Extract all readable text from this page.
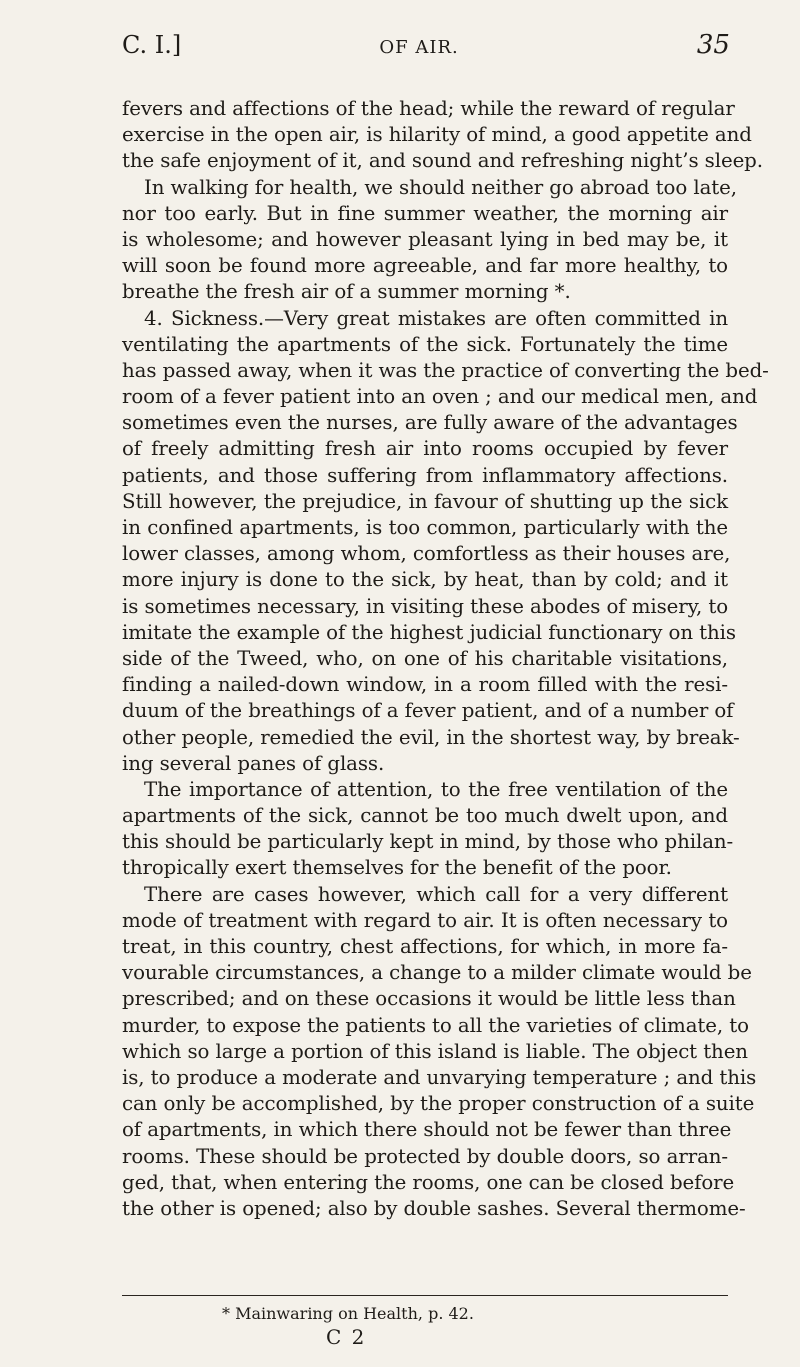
C. I.]	OF AIR.	35
fevers and affections of the head; while the reward of regular
exercise in the open air, is hilarity of mind, a good appetite and
the safe enjoyment of it, and sound and refreshing night’s sleep.
In walking for health, we should neither go abroad too late,
nor too early. But in fine summer weather, the morning air
is wholesome; and however pleasant lying in bed may be, it
will soon be found more agreeable, and far more healthy, to
breathe the fresh air of a summer morning *.
4. Sickness.—Very great mistakes are often committed in
ventilating the apartments of the sick. Fortunately the time
has passed away, when it was the practice of converting the bed-
room of a fever patient into an oven ; and our medical men, and
sometimes even the nurses, are fully aware of the advantages
of freely admitting fresh air into rooms occupied by fever
patients, and those suffering from inflammatory affections.
Still however, the prejudice, in favour of shutting up the sick
in confined apartments, is too common, particularly with the
lower classes, among whom, comfortless as their houses are,
more injury is done to the sick, by heat, than by cold; and it
is sometimes necessary, in visiting these abodes of misery, to
imitate the example of the highest judicial functionary on this
side of the Tweed, who, on one of his charitable visitations,
finding a nailed-down window, in a room filled with the resi-
duum of the breathings of a fever patient, and of a number of
other people, remedied the evil, in the shortest way, by break-
ing several panes of glass.
The importance of attention, to the free ventilation of the
apartments of the sick, cannot be too much dwelt upon, and
this should be particularly kept in mind, by those who philan-
thropically exert themselves for the benefit of the poor.
There are cases however, which call for a very different
mode of treatment with regard to air. It is often necessary to
treat, in this country, chest affections, for which, in more fa-
vourable circumstances, a change to a milder climate would be
prescribed; and on these occasions it would be little less than
murder, to expose the patients to all the varieties of climate, to
which so large a portion of this island is liable. The object then
is, to produce a moderate and unvarying temperature ; and this
can only be accomplished, by the proper construction of a suite
of apartments, in which there should not be fewer than three
rooms. These should be protected by double doors, so arran-
ged, that, when entering the rooms, one can be closed before
the other is opened; also by double sashes. Several thermome-
* Mainwaring on Health, p. 42.
C 2
